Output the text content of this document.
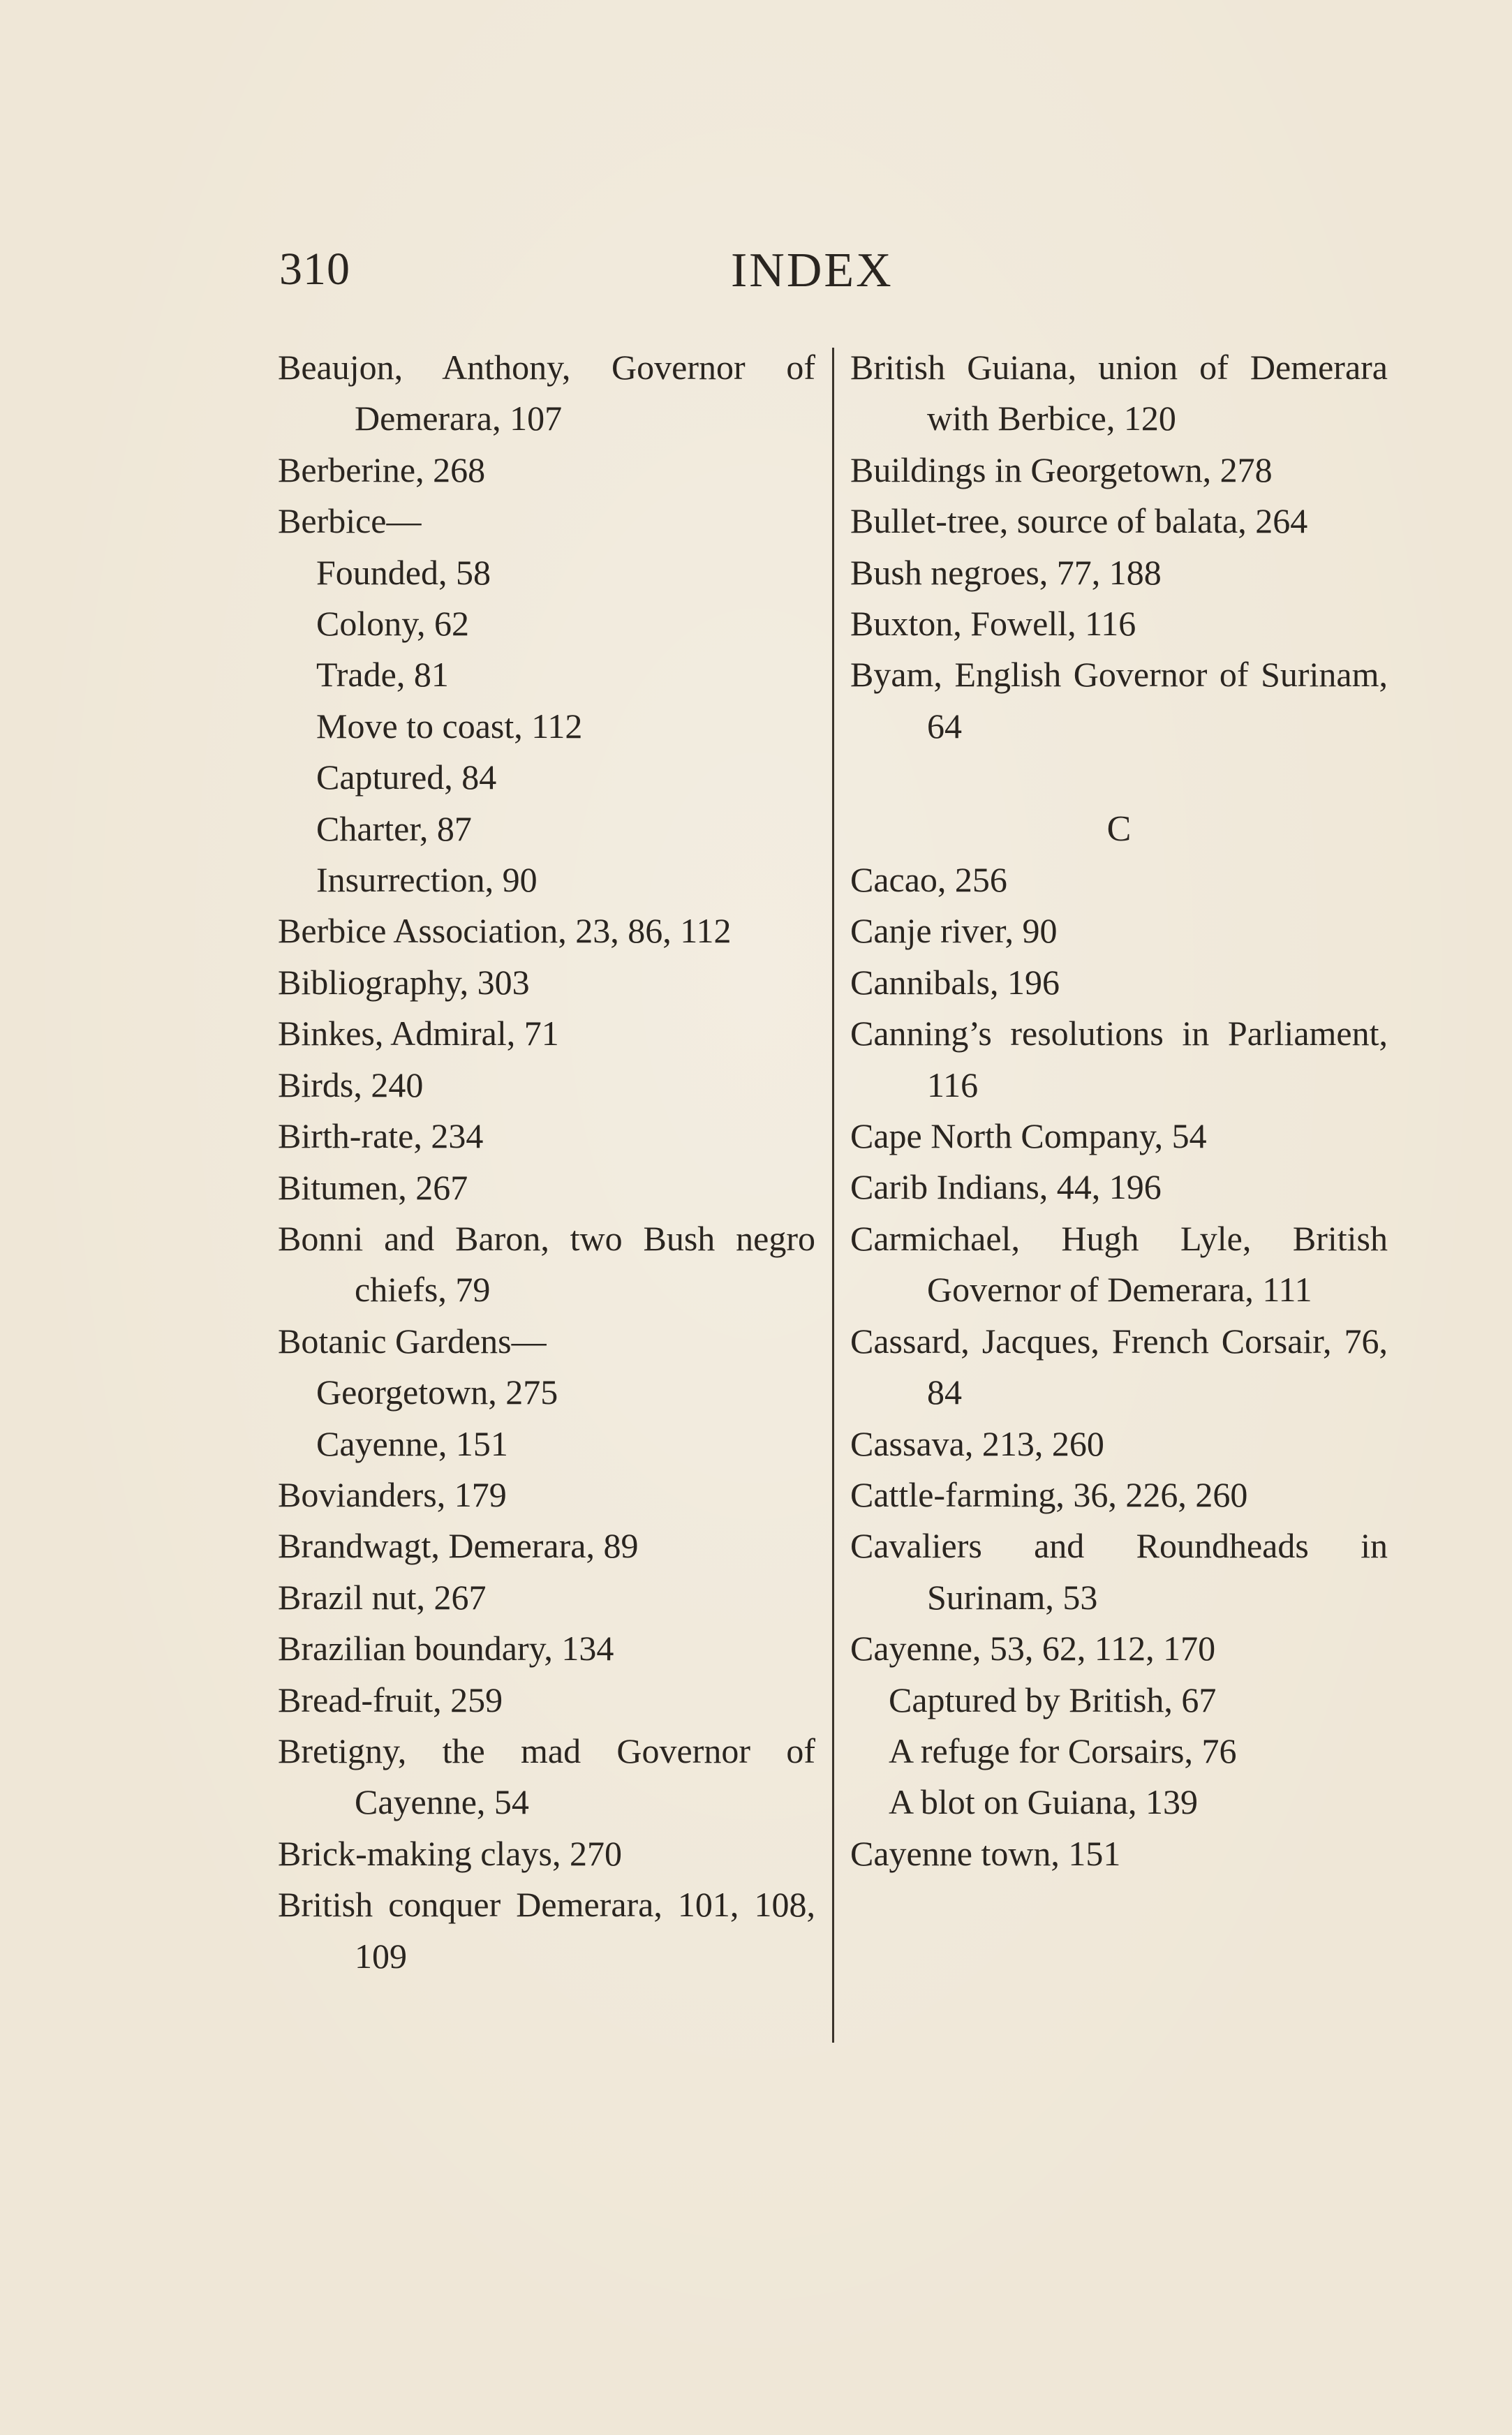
310	INDEX
Beaujon, Anthony, Governor of Demerara, 107
Berberine, 268
Berbice—
Founded, 58
Colony, 62
Trade, 81
Move to coast, 112
Captured, 84
Charter, 87
Insurrection, 90
Berbice Association, 23, 86, 112
Bibliography, 303
Binkes, Admiral, 71
Birds, 240
Birth-rate, 234
Bitumen, 267
Bonni and Baron, two Bush negro chiefs, 79
Botanic Gardens—
Georgetown, 275
Cayenne, 151
Bovianders, 179
Brandwagt, Demerara, 89
Brazil nut, 267
Brazilian boundary, 134
Bread-fruit, 259
Bretigny, the mad Governor of Cayenne, 54
Brick-making clays, 270
British conquer Demerara, 101, 108, 109
British Guiana, union of Demerara with Berbice, 120
Buildings in Georgetown, 278
Bullet-tree, source of balata, 264
Bush negroes, 77, 188
Buxton, Fowell, 116
Byam, English Governor of Surinam, 64
C
Cacao, 256
Canje river, 90
Cannibals, 196
Canning’s resolutions in Parliament, 116
Cape North Company, 54
Carib Indians, 44, 196
Carmichael, Hugh Lyle, British Governor of Demerara, 111
Cassard, Jacques, French Corsair, 76, 84
Cassava, 213, 260
Cattle-farming, 36, 226, 260
Cavaliers and Roundheads in Surinam, 53
Cayenne, 53, 62, 112, 170
Captured by British, 67
A refuge for Corsairs, 76
A blot on Guiana, 139
Cayenne town, 151
